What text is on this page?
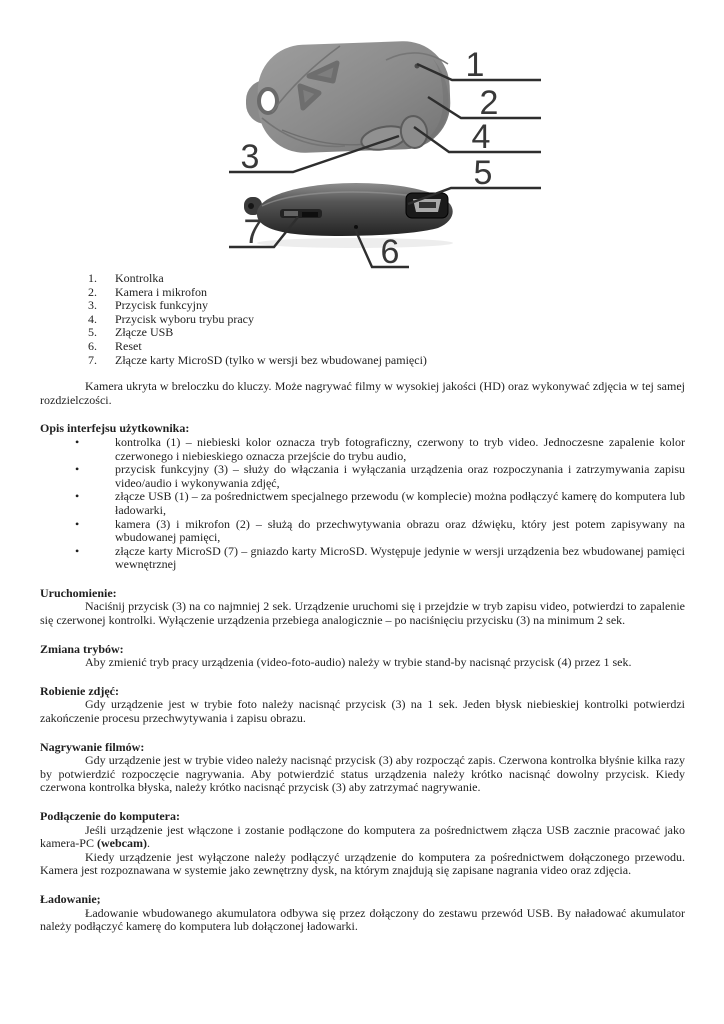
1
2
4
5
3
7
6
1.	Kontrolka
2.	Kamera i mikrofon
3.	Przycisk funkcyjny
4.	Przycisk wyboru trybu pracy
5.	Złącze USB
6.	Reset
7.	Złącze karty MicroSD (tylko w wersji bez wbudowanej pamięci)

Kamera ukryta w breloczku do kluczy. Może nagrywać filmy w wysokiej jakości (HD) oraz wykonywać zdjęcia w tej samej rozdzielczości.

Opis interfejsu użytkownika:
•	kontrolka (1) – niebieski kolor oznacza tryb fotograficzny, czerwony to tryb video. Jednoczesne zapalenie kolor czerwonego i niebieskiego oznacza przejście do trybu audio,
•	przycisk funkcyjny (3) – służy do włączania i wyłączania urządzenia oraz rozpoczynania i zatrzymywania zapisu video/audio i wykonywania zdjęć,
•	złącze USB (1) – za pośrednictwem specjalnego przewodu (w komplecie) można podłączyć kamerę do komputera lub ładowarki,
•	kamera (3) i mikrofon (2) – służą do przechwytywania obrazu oraz dźwięku, który jest potem zapisywany na wbudowanej pamięci,
•	złącze karty MicroSD (7) – gniazdo karty MicroSD. Występuje jedynie w wersji urządzenia bez wbudowanej pamięci wewnętrznej
Uruchomienie:

Naciśnij przycisk (3) na co najmniej 2 sek. Urządzenie uruchomi się i przejdzie w tryb zapisu video, potwierdzi to zapalenie się czerwonej kontrolki. Wyłączenie urządzenia przebiega analogicznie – po naciśnięciu przycisku (3) na minimum 2 sek.

Zmiana trybów:

Aby zmienić tryb pracy urządzenia (video-foto-audio) należy w trybie stand-by nacisnąć przycisk (4) przez 1 sek.

Robienie zdjęć:

Gdy urządzenie jest w trybie foto należy nacisnąć przycisk (3) na 1 sek. Jeden błysk niebieskiej kontrolki potwierdzi zakończenie procesu przechwytywania i zapisu obrazu.

Nagrywanie filmów:

Gdy urządzenie jest w trybie video należy nacisnąć przycisk (3) aby rozpocząć zapis. Czerwona kontrolka błyśnie kilka razy by potwierdzić rozpoczęcie nagrywania. Aby potwierdzić status urządzenia należy krótko nacisnąć dowolny przycisk. Kiedy czerwona kontrolka błyska, należy krótko nacisnąć przycisk (3) aby zatrzymać nagrywanie.

Podłączenie do komputera:

Jeśli urządzenie jest włączone i zostanie podłączone do komputera za pośrednictwem złącza USB zacznie pracować jako kamera-PC (webcam).

Kiedy urządzenie jest wyłączone należy podłączyć urządzenie do komputera za pośrednictwem dołączonego przewodu. Kamera jest rozpoznawana w systemie jako zewnętrzny dysk, na którym znajdują się zapisane nagrania video oraz zdjęcia.

Ładowanie;

Ładowanie wbudowanego akumulatora odbywa się przez dołączony do zestawu przewód USB. By naładować akumulator należy podłączyć kamerę do komputera lub dołączonej ładowarki.
